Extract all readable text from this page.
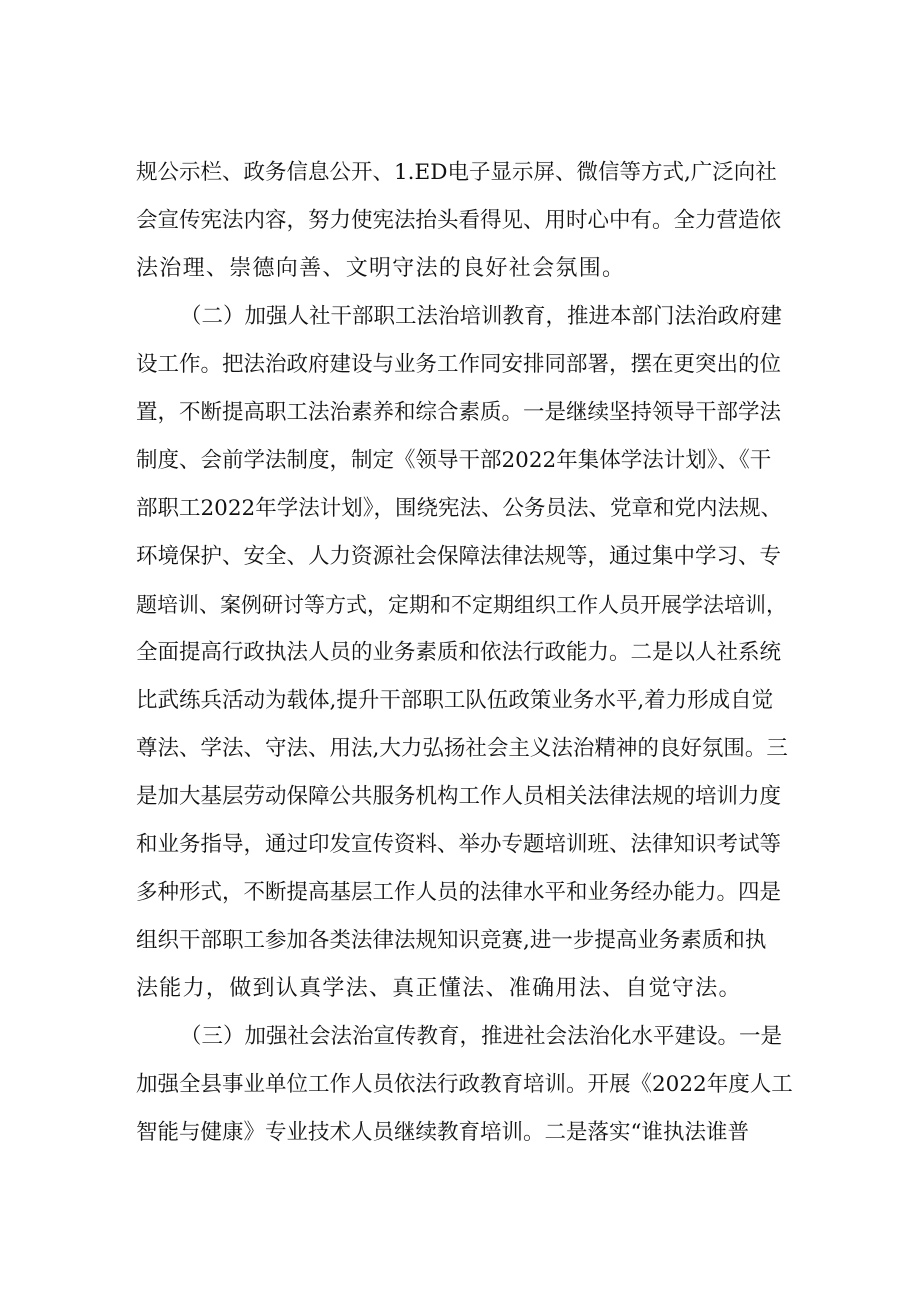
规公示栏、政务信息公开、1.ED电子显示屏、微信等方式,广泛向社
会宣传宪法内容，努力使宪法抬头看得见、用时心中有。全力营造依
法治理、崇德向善、文明守法的良好社会氛围。
（二）加强人社干部职工法治培训教育，推进本部门法治政府建
设工作。把法治政府建设与业务工作同安排同部署，摆在更突出的位
置，不断提高职工法治素养和综合素质。一是继续坚持领导干部学法
制度、会前学法制度，制定《领导干部2022年集体学法计划》、《干
部职工2022年学法计划》，围绕宪法、公务员法、党章和党内法规、
环境保护、安全、人力资源社会保障法律法规等，通过集中学习、专
题培训、案例研讨等方式，定期和不定期组织工作人员开展学法培训，
全面提高行政执法人员的业务素质和依法行政能力。二是以人社系统
比武练兵活动为载体,提升干部职工队伍政策业务水平,着力形成自觉
尊法、学法、守法、用法,大力弘扬社会主义法治精神的良好氛围。三
是加大基层劳动保障公共服务机构工作人员相关法律法规的培训力度
和业务指导，通过印发宣传资料、举办专题培训班、法律知识考试等
多种形式，不断提高基层工作人员的法律水平和业务经办能力。四是
组织干部职工参加各类法律法规知识竞赛,进一步提高业务素质和执
法能力，做到认真学法、真正懂法、准确用法、自觉守法。
（三）加强社会法治宣传教育，推进社会法治化水平建设。一是
加强全县事业单位工作人员依法行政教育培训。开展《2022年度人工
智能与健康》专业技术人员继续教育培训。二是落实“谁执法谁普
